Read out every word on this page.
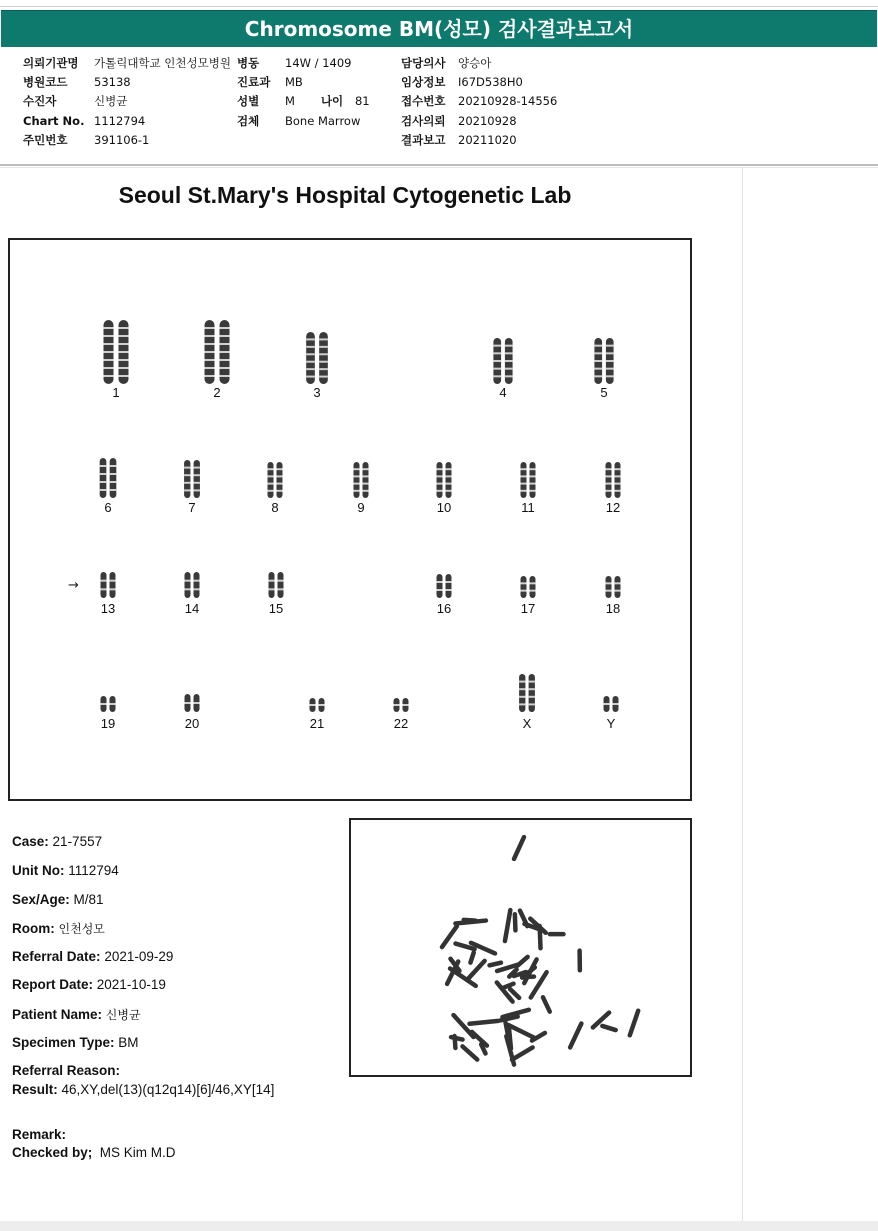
Chromosome BM(성모) 검사결과보고서
의뢰기관명	가톨릭대학교 인천성모병원
병원코드	53138
수진자	신병균
Chart No. 1112794
주민번호	391106-1
병동	14W / 1409
진료과	MB
성별	M 나이	81
검체	Bone Marrow
담당의사	양승아
임상정보	I67D538H0
접수번호	20210928-14556
검사의뢰	20210928
결과보고	20211020
Seoul St.Mary's Hospital Cytogenetic Lab
1	2	3	4	5
6	7	8	9	10	11	12
13	14	15	16	17	18
19	20	21	22	X	Y
→
Case: 21-7557
Unit No: 1112794
Sex/Age: M/81
Room: 인천성모
Referral Date: 2021-09-29
Report Date: 2021-10-19
Patient Name: 신병균
Specimen Type: BM
Referral Reason:
Result: 46,XY,del(13)(q12q14)[6]/46,XY[14]
Remark:
Checked by; MS Kim M.D
